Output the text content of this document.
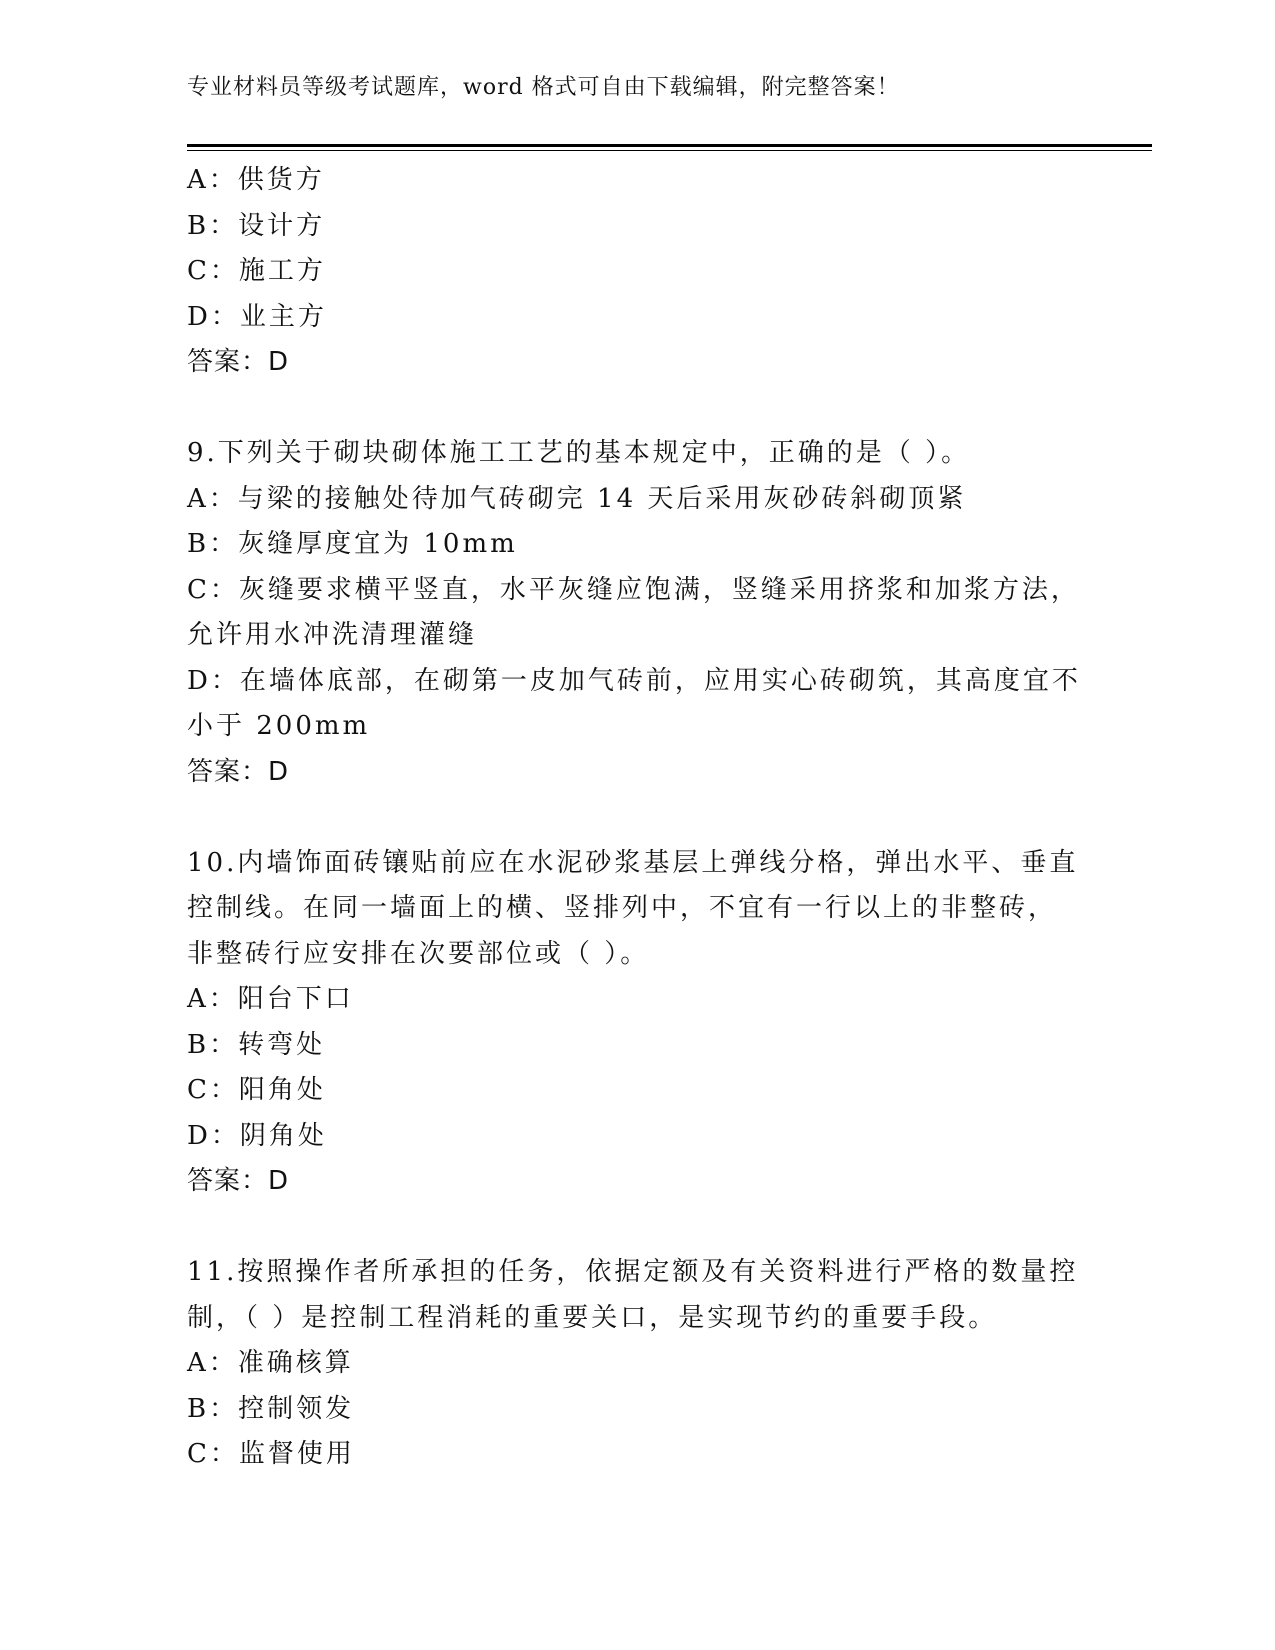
专业材料员等级考试题库，word 格式可自由下载编辑，附完整答案！
A：供货方
B：设计方
C：施工方
D：业主方
答案：D
9.下列关于砌块砌体施工工艺的基本规定中，正确的是（ ）。
A：与梁的接触处待加气砖砌完 14 天后采用灰砂砖斜砌顶紧
B：灰缝厚度宜为 10mm
C：灰缝要求横平竖直，水平灰缝应饱满，竖缝采用挤浆和加浆方法，
允许用水冲洗清理灌缝
D：在墙体底部，在砌第一皮加气砖前，应用实心砖砌筑，其高度宜不
小于 200mm
答案：D
10.内墙饰面砖镶贴前应在水泥砂浆基层上弹线分格，弹出水平、垂直
控制线。在同一墙面上的横、竖排列中，不宜有一行以上的非整砖，
非整砖行应安排在次要部位或（ ）。
A：阳台下口
B：转弯处
C：阳角处
D：阴角处
答案：D
11.按照操作者所承担的任务，依据定额及有关资料进行严格的数量控
制，（ ）是控制工程消耗的重要关口，是实现节约的重要手段。
A：准确核算
B：控制领发
C：监督使用
